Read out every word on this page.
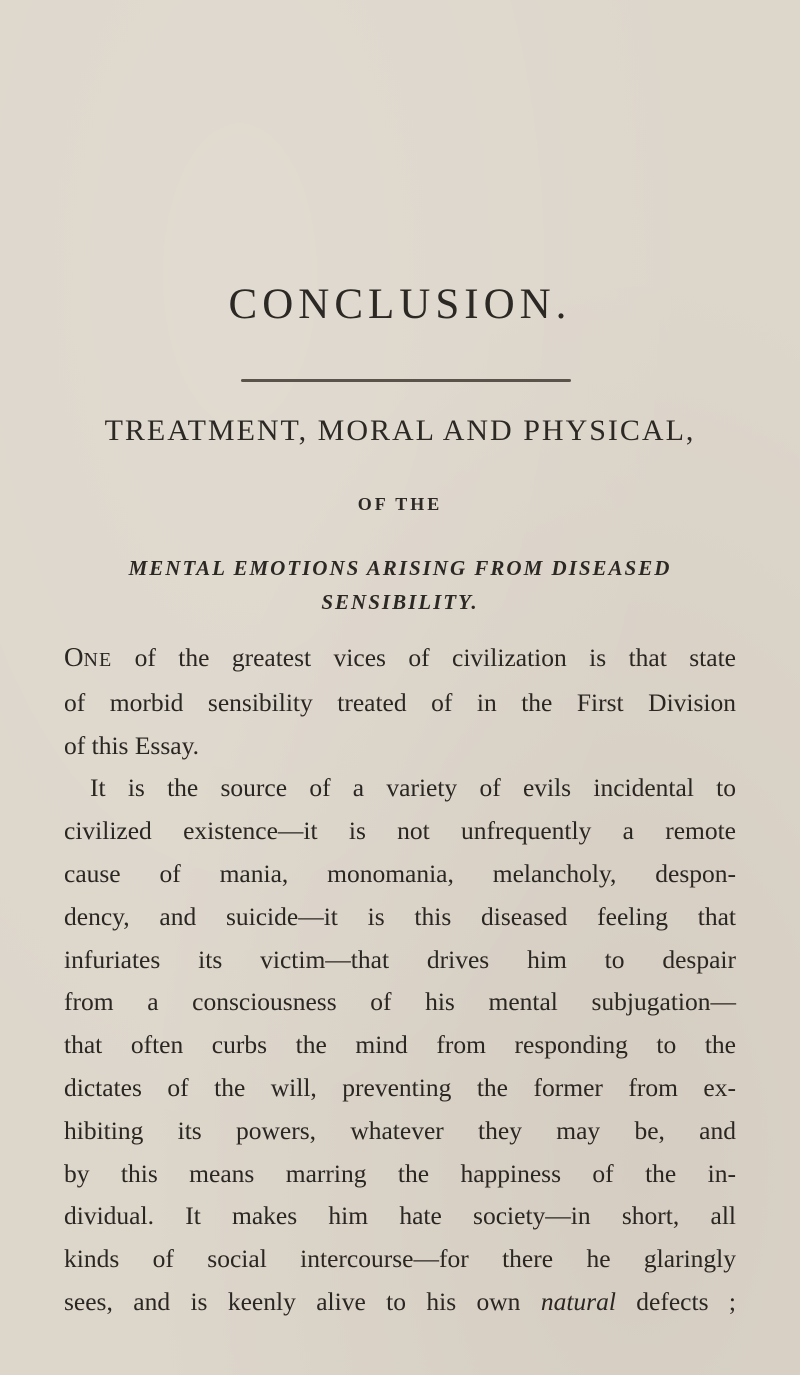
CONCLUSION.
TREATMENT, MORAL AND PHYSICAL,
OF THE
MENTAL EMOTIONS ARISING FROM DISEASED
SENSIBILITY.
ONE of the greatest vices of civilization is that state
of morbid sensibility treated of in the First Division
of this Essay.
It is the source of a variety of evils incidental to
civilized existence—it is not unfrequently a remote
cause of mania, monomania, melancholy, despon-
dency, and suicide—it is this diseased feeling that
infuriates its victim—that drives him to despair
from a consciousness of his mental subjugation—
that often curbs the mind from responding to the
dictates of the will, preventing the former from ex-
hibiting its powers, whatever they may be, and
by this means marring the happiness of the in-
dividual. It makes him hate society—in short, all
kinds of social intercourse—for there he glaringly
sees, and is keenly alive to his own natural defects ;
